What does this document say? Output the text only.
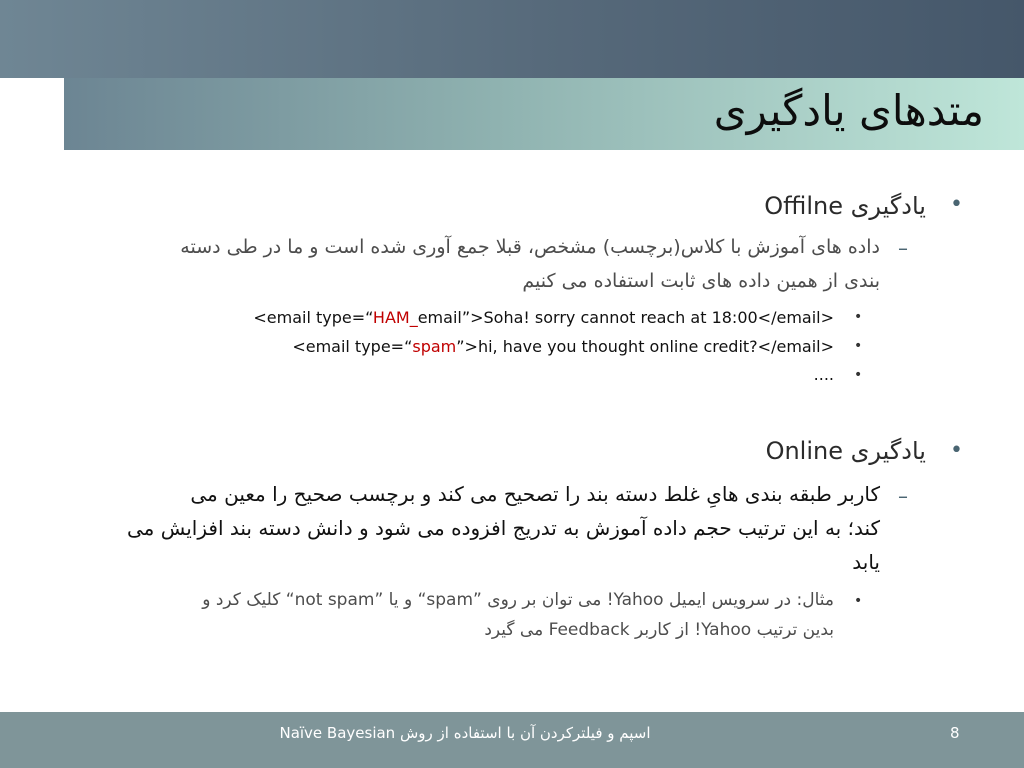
متدهای یادگیری
•
یادگیری Offilne
–
داده های آموزش با کلاس(برچسب) مشخص، قبلا جمع آوری شده است و ما در طی دسته
بندی از همین داده های ثابت استفاده می کنیم
•
<email type=“HAM_email”>Soha! sorry cannot reach at 18:00</email>
•
<email type=“spam”>hi, have you thought online credit?</email>
•
....
•
یادگیری Online
–
کاربر طبقه بندی هایِ غلط دسته بند را تصحیح می کند و برچسب صحیح را معین می
کند؛ به این ترتیب حجم داده آموزش به تدریج افزوده می شود و دانش دسته بند افزایش می
یابد
•
مثال: در سرویس ایمیل Yahoo! می توان بر روی ”spam“ و یا ”not spam“ کلیک کرد و
بدین ترتیب Yahoo! از کاربر Feedback می گیرد
اسپم و فیلترکردن آن با استفاده از روش Naïve Bayesian	8
